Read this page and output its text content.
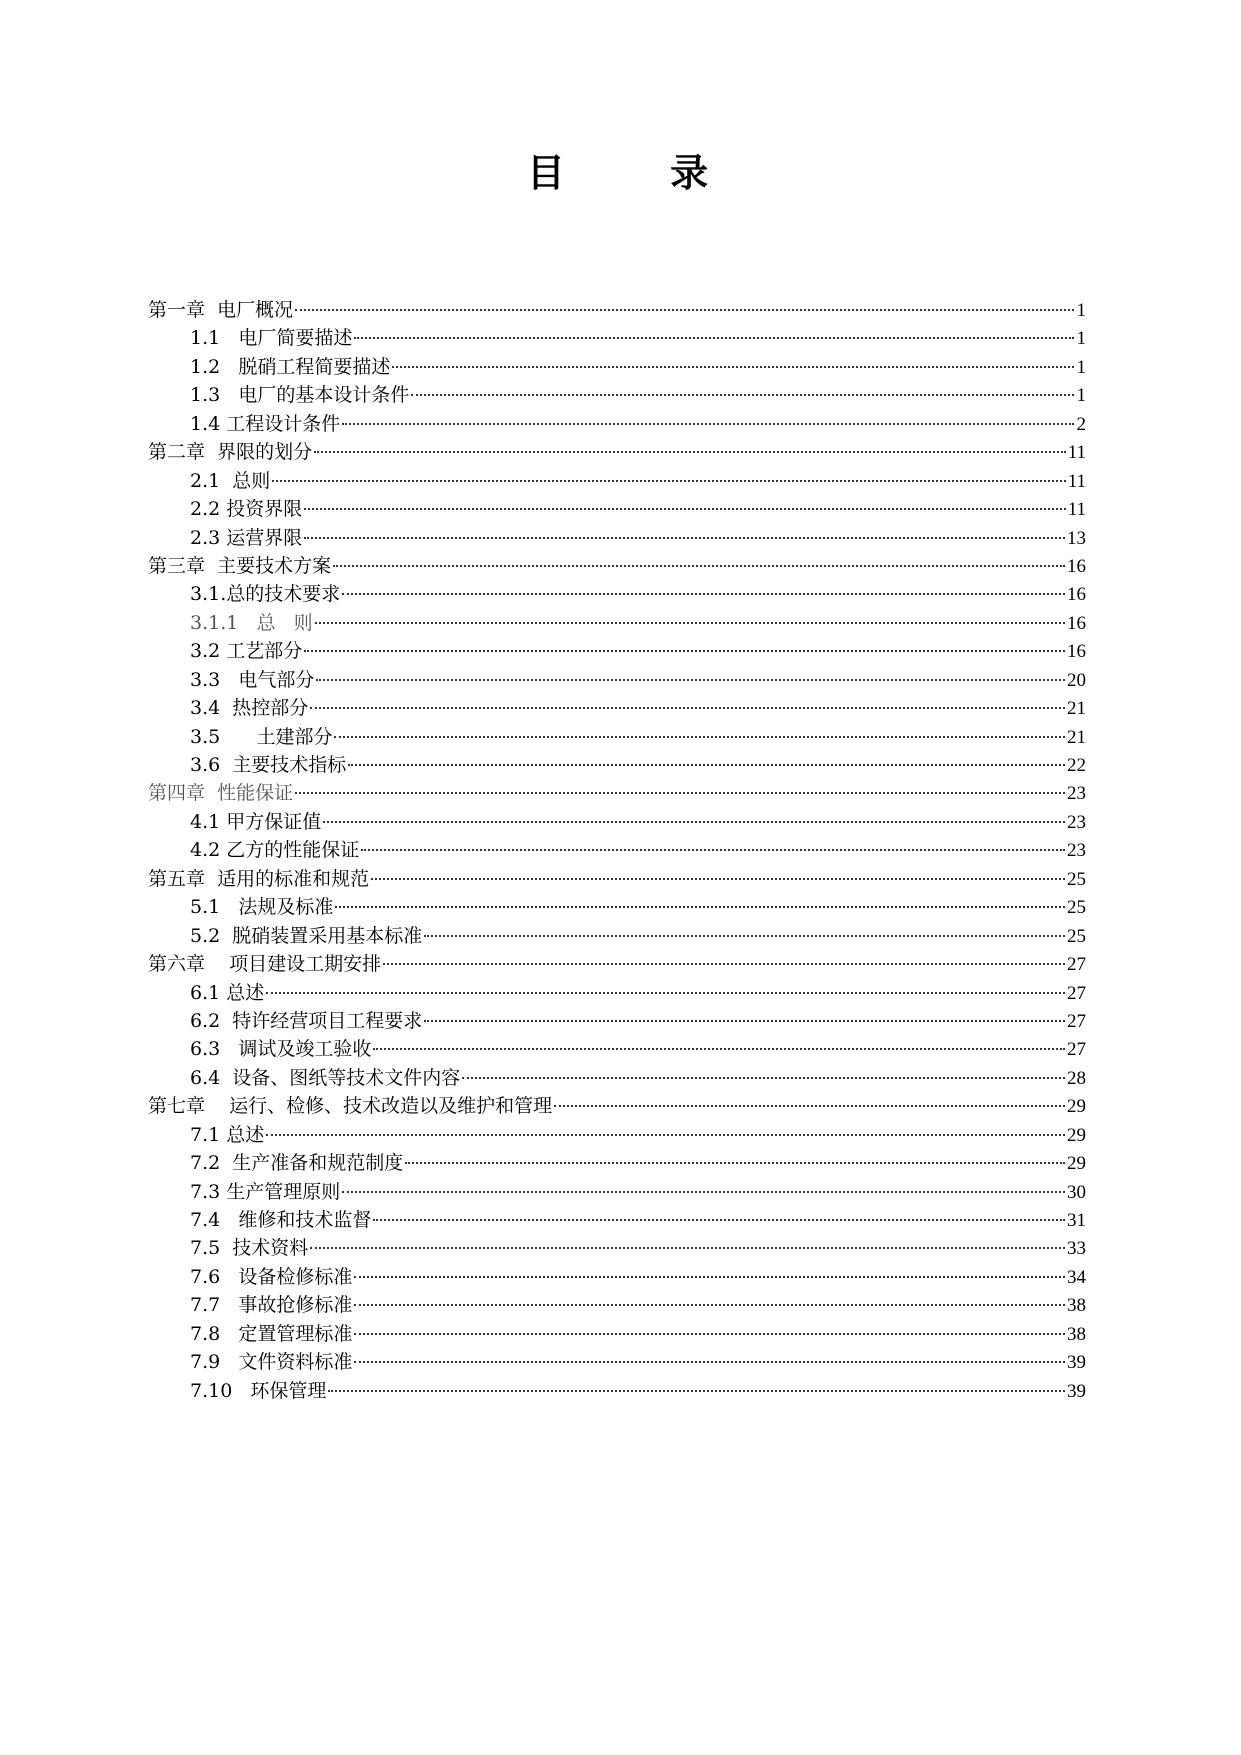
目 录
第一章  电厂概况	1
1.1   电厂简要描述	1
1.2   脱硝工程简要描述	1
1.3   电厂的基本设计条件	1
1.4 工程设计条件	2
第二章  界限的划分	11
2.1  总则	11
2.2 投资界限	11
2.3 运营界限	13
第三章  主要技术方案	16
3.1.总的技术要求	16
3.1.1   总   则	16
3.2 工艺部分	16
3.3   电气部分	20
3.4  热控部分	21
3.5      土建部分	21
3.6  主要技术指标	22
第四章  性能保证	23
4.1 甲方保证值	23
4.2 乙方的性能保证	23
第五章  适用的标准和规范	25
5.1   法规及标准	25
5.2  脱硝装置采用基本标准	25
第六章    项目建设工期安排	27
6.1 总述	27
6.2  特许经营项目工程要求	27
6.3   调试及竣工验收	27
6.4  设备、图纸等技术文件内容	28
第七章    运行、检修、技术改造以及维护和管理	29
7.1 总述	29
7.2  生产准备和规范制度	29
7.3 生产管理原则	30
7.4   维修和技术监督	31
7.5  技术资料	33
7.6   设备检修标准	34
7.7   事故抢修标准	38
7.8   定置管理标准	38
7.9   文件资料标准	39
7.10   环保管理	39
